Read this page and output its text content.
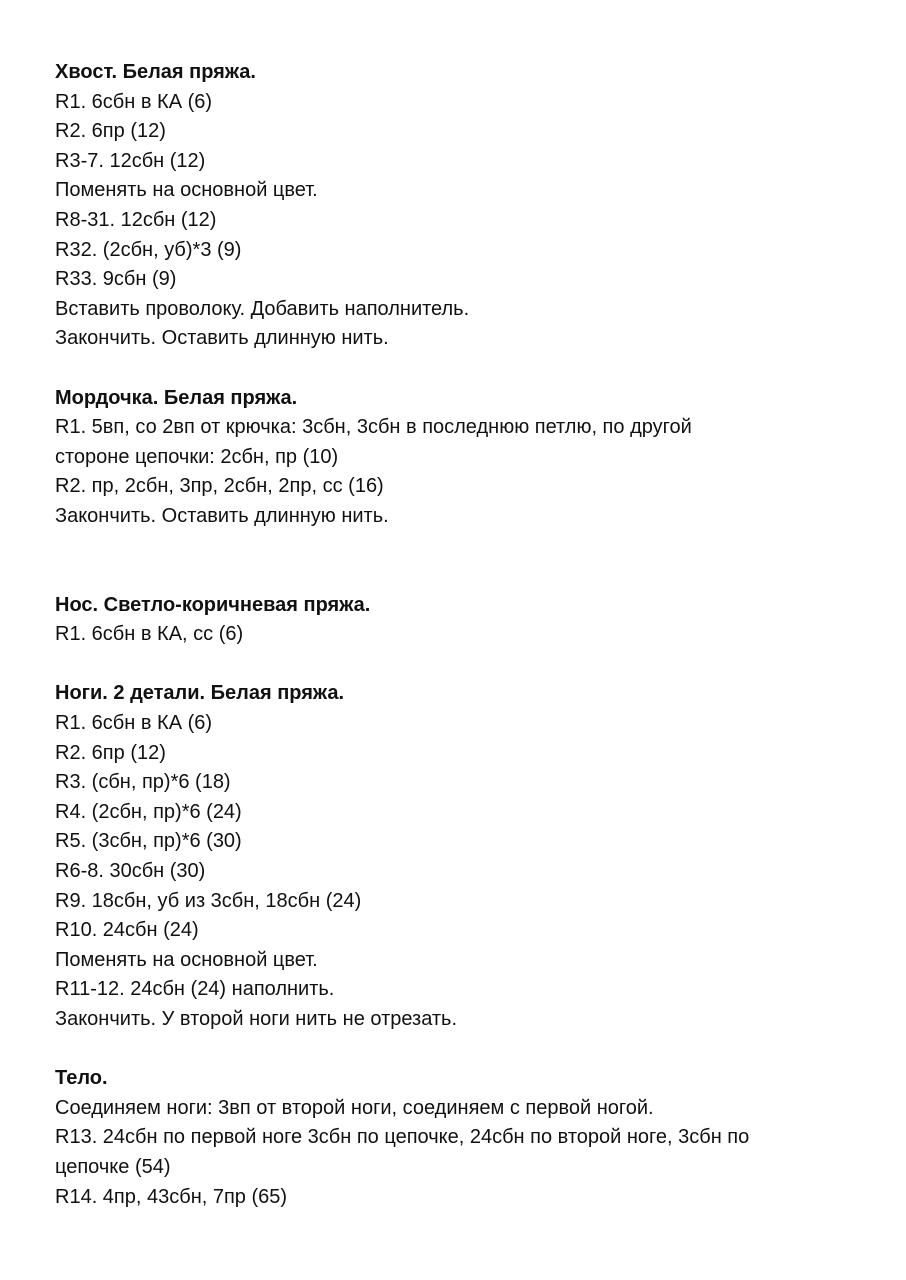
Хвост. Белая пряжа.

R1. 6сбн в КА (6)

R2. 6пр (12)

R3-7. 12сбн (12)

Поменять на основной цвет.

R8-31. 12сбн (12)

R32. (2сбн, уб)*3 (9)

R33. 9сбн (9)

Вставить проволоку. Добавить наполнитель.

Закончить. Оставить длинную нить.

Мордочка. Белая пряжа.

R1. 5вп, со 2вп от крючка: 3сбн, 3сбн в последнюю петлю, по другой

стороне цепочки: 2сбн, пр (10)

R2. пр, 2сбн, 3пр, 2сбн, 2пр, сс (16)

Закончить. Оставить длинную нить.

Нос. Светло-коричневая пряжа.

R1. 6сбн в КА, сс (6)

Ноги. 2 детали. Белая пряжа.

R1. 6сбн в КА (6)

R2. 6пр (12)

R3. (сбн, пр)*6 (18)

R4. (2сбн, пр)*6 (24)

R5. (3сбн, пр)*6 (30)

R6-8. 30сбн (30)

R9. 18сбн, уб из 3сбн, 18сбн (24)

R10. 24сбн (24)

Поменять на основной цвет.

R11-12. 24сбн (24) наполнить.

Закончить. У второй ноги нить не отрезать.

Тело.

Соединяем ноги: 3вп от второй ноги, соединяем с первой ногой.

R13. 24сбн по первой ноге 3сбн по цепочке, 24сбн по второй ноге, 3сбн по

цепочке (54)

R14. 4пр, 43сбн, 7пр (65)
